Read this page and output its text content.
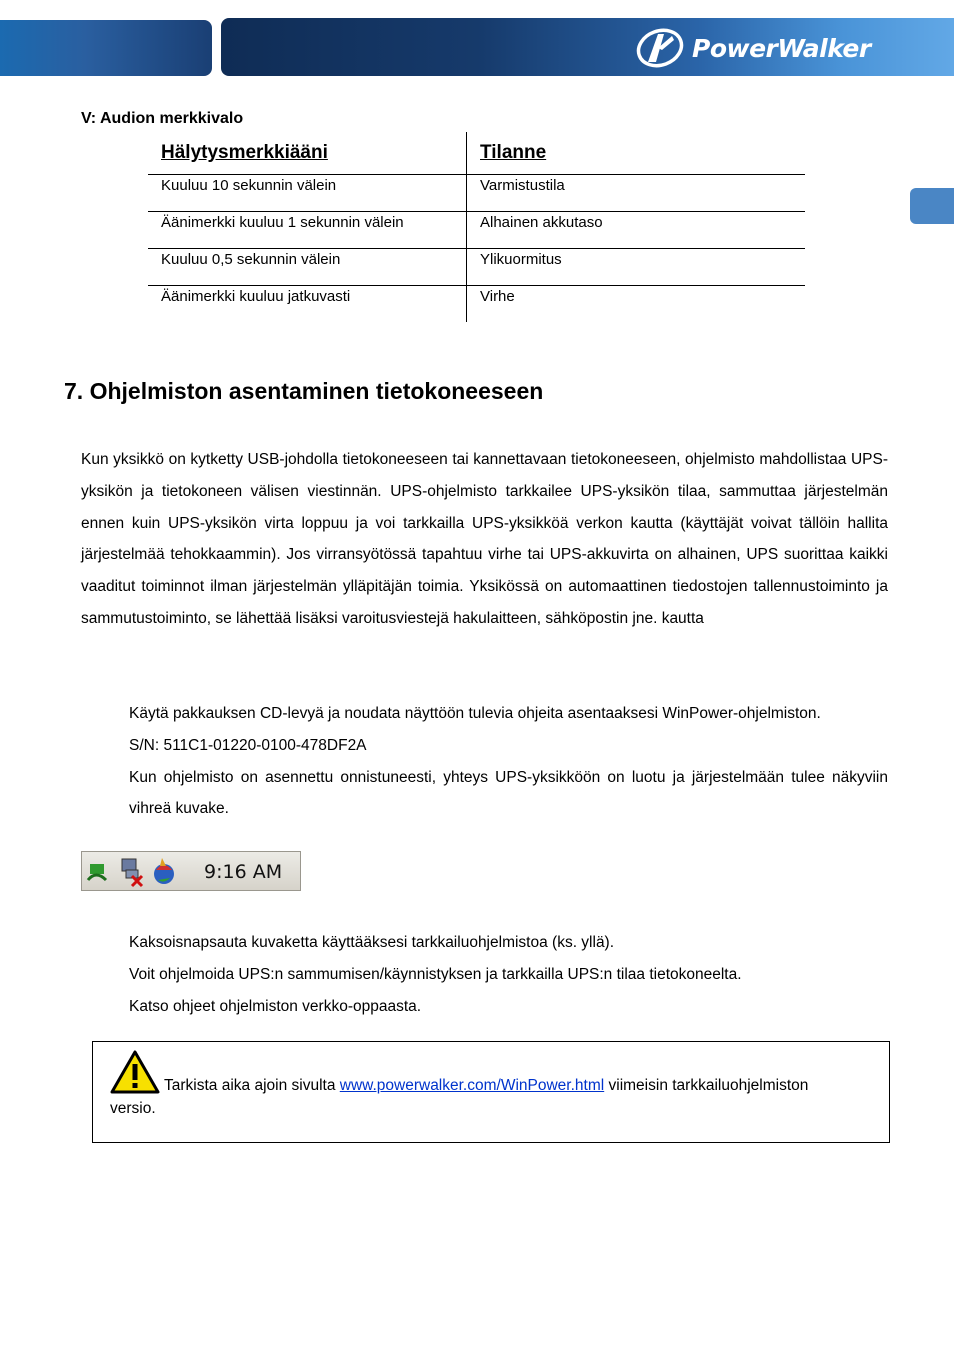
PowerWalker
V: Audion merkkivalo
Hälytysmerkkiääni	Tilanne
Kuuluu 10 sekunnin välein	Varmistustila
Äänimerkki kuuluu 1 sekunnin välein	Alhainen akkutaso
Kuuluu 0,5 sekunnin välein	Ylikuormitus
Äänimerkki kuuluu jatkuvasti	Virhe
7. Ohjelmiston asentaminen tietokoneeseen
Kun yksikkö on kytketty USB-johdolla tietokoneeseen tai kannettavaan tietokoneeseen, ohjelmisto mahdollistaa UPS-yksikön ja tietokoneen välisen viestinnän. UPS-ohjelmisto tarkkailee UPS-yksikön tilaa, sammuttaa järjestelmän ennen kuin UPS-yksikön virta loppuu ja voi tarkkailla UPS-yksikköä verkon kautta (käyttäjät voivat tällöin hallita järjestelmää tehokkaammin). Jos virransyötössä tapahtuu virhe tai UPS-akkuvirta on alhainen, UPS suorittaa kaikki vaaditut toiminnot ilman järjestelmän ylläpitäjän toimia. Yksikössä on automaattinen tiedostojen tallennustoiminto ja sammutustoiminto, se lähettää lisäksi varoitusviestejä hakulaitteen, sähköpostin jne. kautta

Käytä pakkauksen CD-levyä ja noudata näyttöön tulevia ohjeita asentaaksesi WinPower-ohjelmiston.

S/N: 511C1-01220-0100-478DF2A

Kun ohjelmisto on asennettu onnistuneesti, yhteys UPS-yksikköön on luotu ja järjestelmään tulee näkyviin vihreä kuvake.

9:16 AM

Kaksoisnapsauta kuvaketta käyttääksesi tarkkailuohjelmistoa (ks. yllä).

Voit ohjelmoida UPS:n sammumisen/käynnistyksen ja tarkkailla UPS:n tilaa tietokoneelta.

Katso ohjeet ohjelmiston verkko-oppaasta.

Tarkista aika ajoin sivulta www.powerwalker.com/WinPower.html viimeisin tarkkailuohjelmiston
versio.
